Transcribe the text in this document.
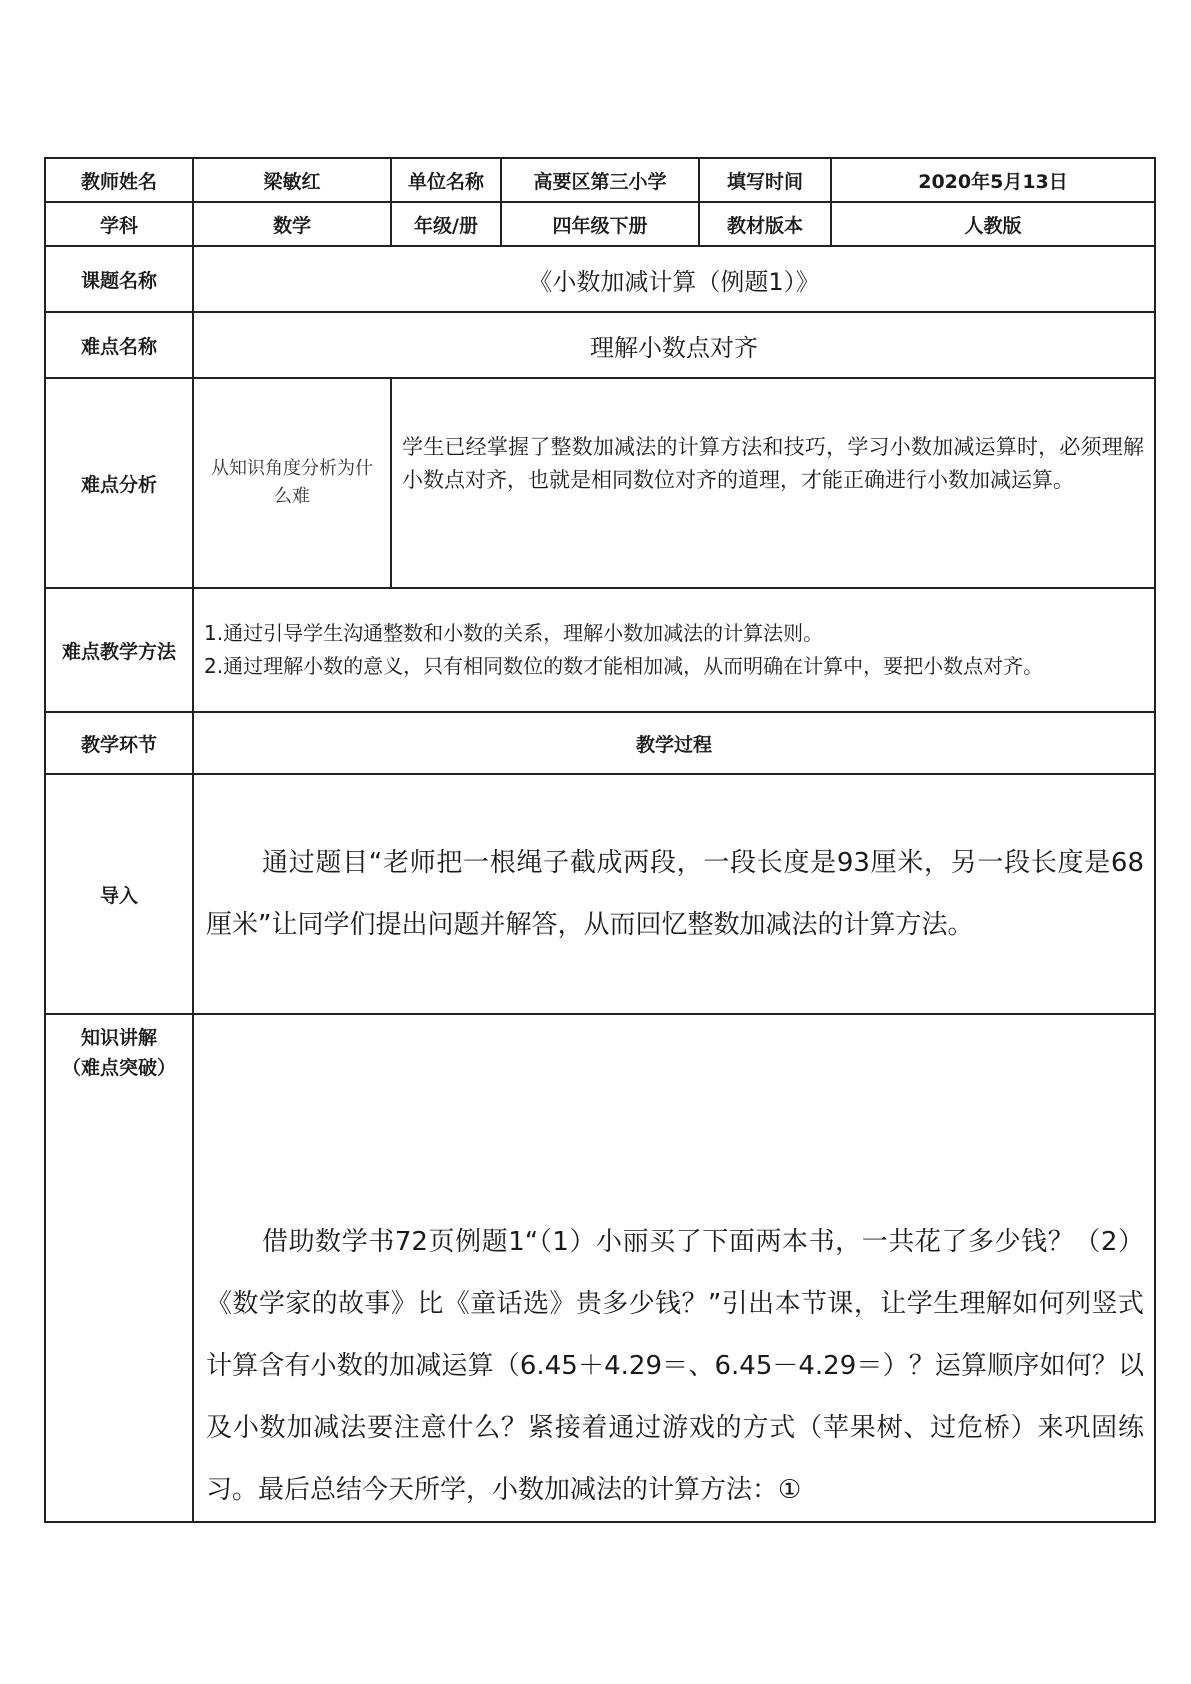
教师姓名	梁敏红	单位名称	高要区第三小学	填写时间	2020年5月13日
学科	数学	年级/册	四年级下册	教材版本	人教版
课题名称	《小数加减计算（例题1）》				
难点名称	理解小数点对齐				
难点分析	从知识角度分析为什么难	学生已经掌握了整数加减法的计算方法和技巧，学习小数加减运算时，必须理解小数点对齐，也就是相同数位对齐的道理，才能正确进行小数加减运算。			
难点教学方法	1.通过引导学生沟通整数和小数的关系，理解小数加减法的计算法则。
2.通过理解小数的意义，只有相同数位的数才能相加减，从而明确在计算中，要把小数点对齐。				

教学环节	教学过程				
导入	通过题目“老师把一根绳子截成两段，一段长度是93厘米，另一段长度是68厘米”让同学们提出问题并解答，从而回忆整数加减法的计算方法。				

知识讲解
（难点突破）	借助数学书72页例题1“（1）小丽买了下面两本书，一共花了多少钱？（2）《数学家的故事》比《童话选》贵多少钱？”引出本节课，让学生理解如何列竖式计算含有小数的加减运算（6.45＋4.29＝、6.45－4.29＝）？运算顺序如何？以及小数加减法要注意什么？紧接着通过游戏的方式（苹果树、过危桥）来巩固练习。最后总结今天所学，小数加减法的计算方法：①				
